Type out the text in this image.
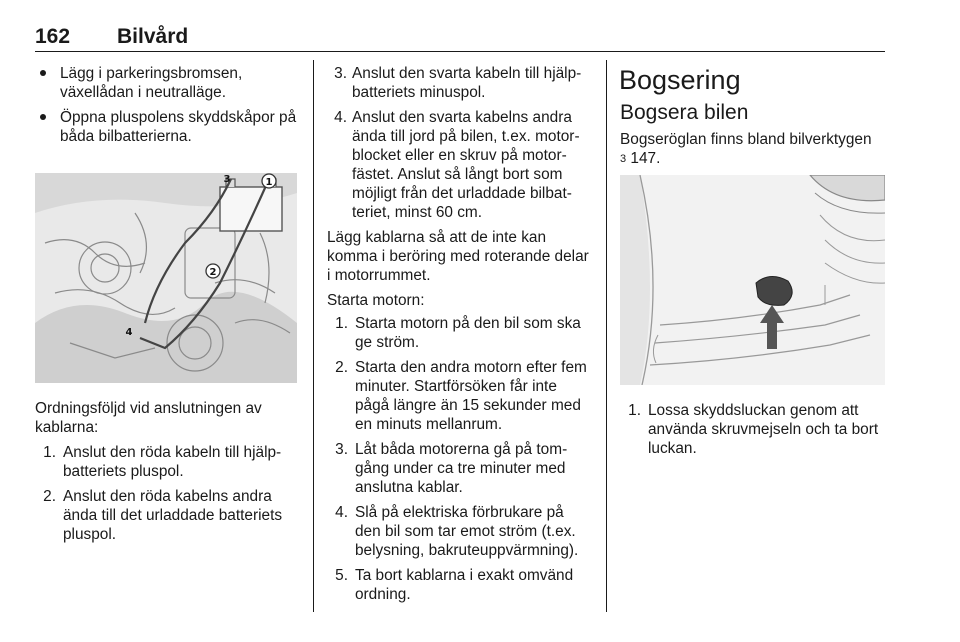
162 Bilvård
Lägg i parkeringsbromsen, växellådan i neutralläge.
Öppna pluspolens skyddskåpor på båda bilbatterierna.
1
2
3
4

Ordningsföljd vid anslutningen av kablarna:

1. Anslut den röda kabeln till hjälpbatteriets pluspol.
2. Anslut den röda kabelns andra ända till det urladdade batteriets pluspol.
3. Anslut den svarta kabeln till hjälpbatteriets minuspol.
4. Anslut den svarta kabelns andra ända till jord på bilen, t.ex. motorblocket eller en skruv på motorfästet. Anslut så långt bort som möjligt från det urladdade bilbatteriet, minst 60 cm.

Lägg kablarna så att de inte kan komma i beröring med roterande delar i motorrummet.

Starta motorn:

1. Starta motorn på den bil som ska ge ström.
2. Starta den andra motorn efter fem minuter. Startförsöken får inte pågå längre än 15 sekunder med en minuts mellanrum.
3. Låt båda motorerna gå på tomgång under ca tre minuter med anslutna kablar.
4. Slå på elektriska förbrukare på den bil som tar emot ström (t.ex. belysning, bakruteuppvärmning).
5. Ta bort kablarna i exakt omvänd ordning.
Bogsering
Bogsera bilen

Bogseröglan finns bland bilverktygen
3 147.

1. Lossa skyddsluckan genom att använda skruvmejseln och ta bort luckan.
